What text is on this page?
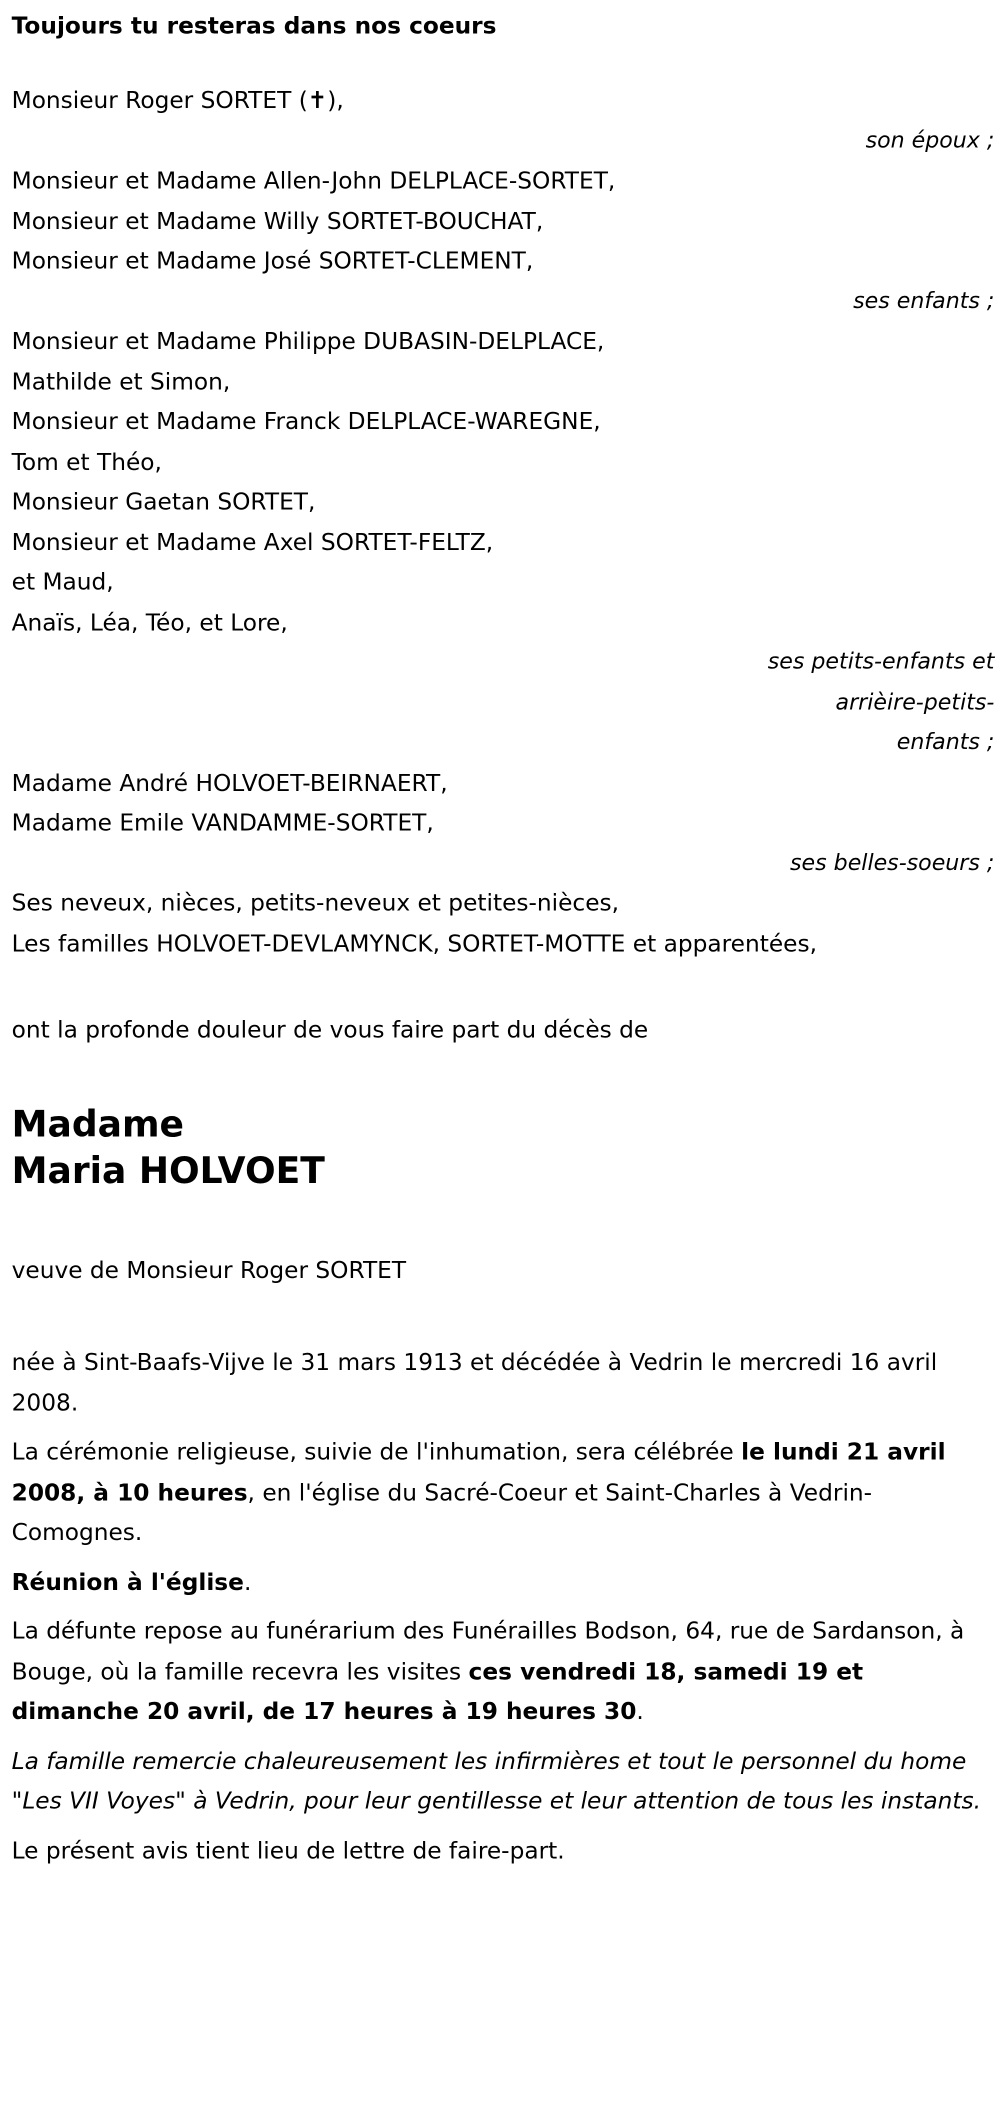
Toujours tu resteras dans nos coeurs
Monsieur Roger SORTET (✝),
son époux ;
Monsieur et Madame Allen-John DELPLACE-SORTET,
Monsieur et Madame Willy SORTET-BOUCHAT,
Monsieur et Madame José SORTET-CLEMENT,
ses enfants ;
Monsieur et Madame Philippe DUBASIN-DELPLACE,
Mathilde et Simon,
Monsieur et Madame Franck DELPLACE-WAREGNE,
Tom et Théo,
Monsieur Gaetan SORTET,
Monsieur et Madame Axel SORTET-FELTZ,
et Maud,
Anaïs, Léa, Téo, et Lore,
ses petits-enfants et arrièire-petits-enfants ;
Madame André HOLVOET-BEIRNAERT,
Madame Emile VANDAMME-SORTET,
ses belles-soeurs ;
Ses neveux, nièces, petits-neveux et petites-nièces,
Les familles HOLVOET-DEVLAMYNCK, SORTET-MOTTE et apparentées,
ont la profonde douleur de vous faire part du décès de
Madame
Maria HOLVOET
veuve de Monsieur Roger SORTET
née à Sint-Baafs-Vijve le 31 mars 1913 et décédée à Vedrin le mercredi 16 avril 2008.
La cérémonie religieuse, suivie de l'inhumation, sera célébrée le lundi 21 avril 2008, à 10 heures, en l'église du Sacré-Coeur et Saint-Charles à Vedrin-Comognes.
Réunion à l'église.
La défunte repose au funérarium des Funérailles Bodson, 64, rue de Sardanson, à Bouge, où la famille recevra les visites ces vendredi 18, samedi 19 et dimanche 20 avril, de 17 heures à 19 heures 30.
La famille remercie chaleureusement les infirmières et tout le personnel du home "Les VII Voyes" à Vedrin, pour leur gentillesse et leur attention de tous les instants.
Le présent avis tient lieu de lettre de faire-part.
